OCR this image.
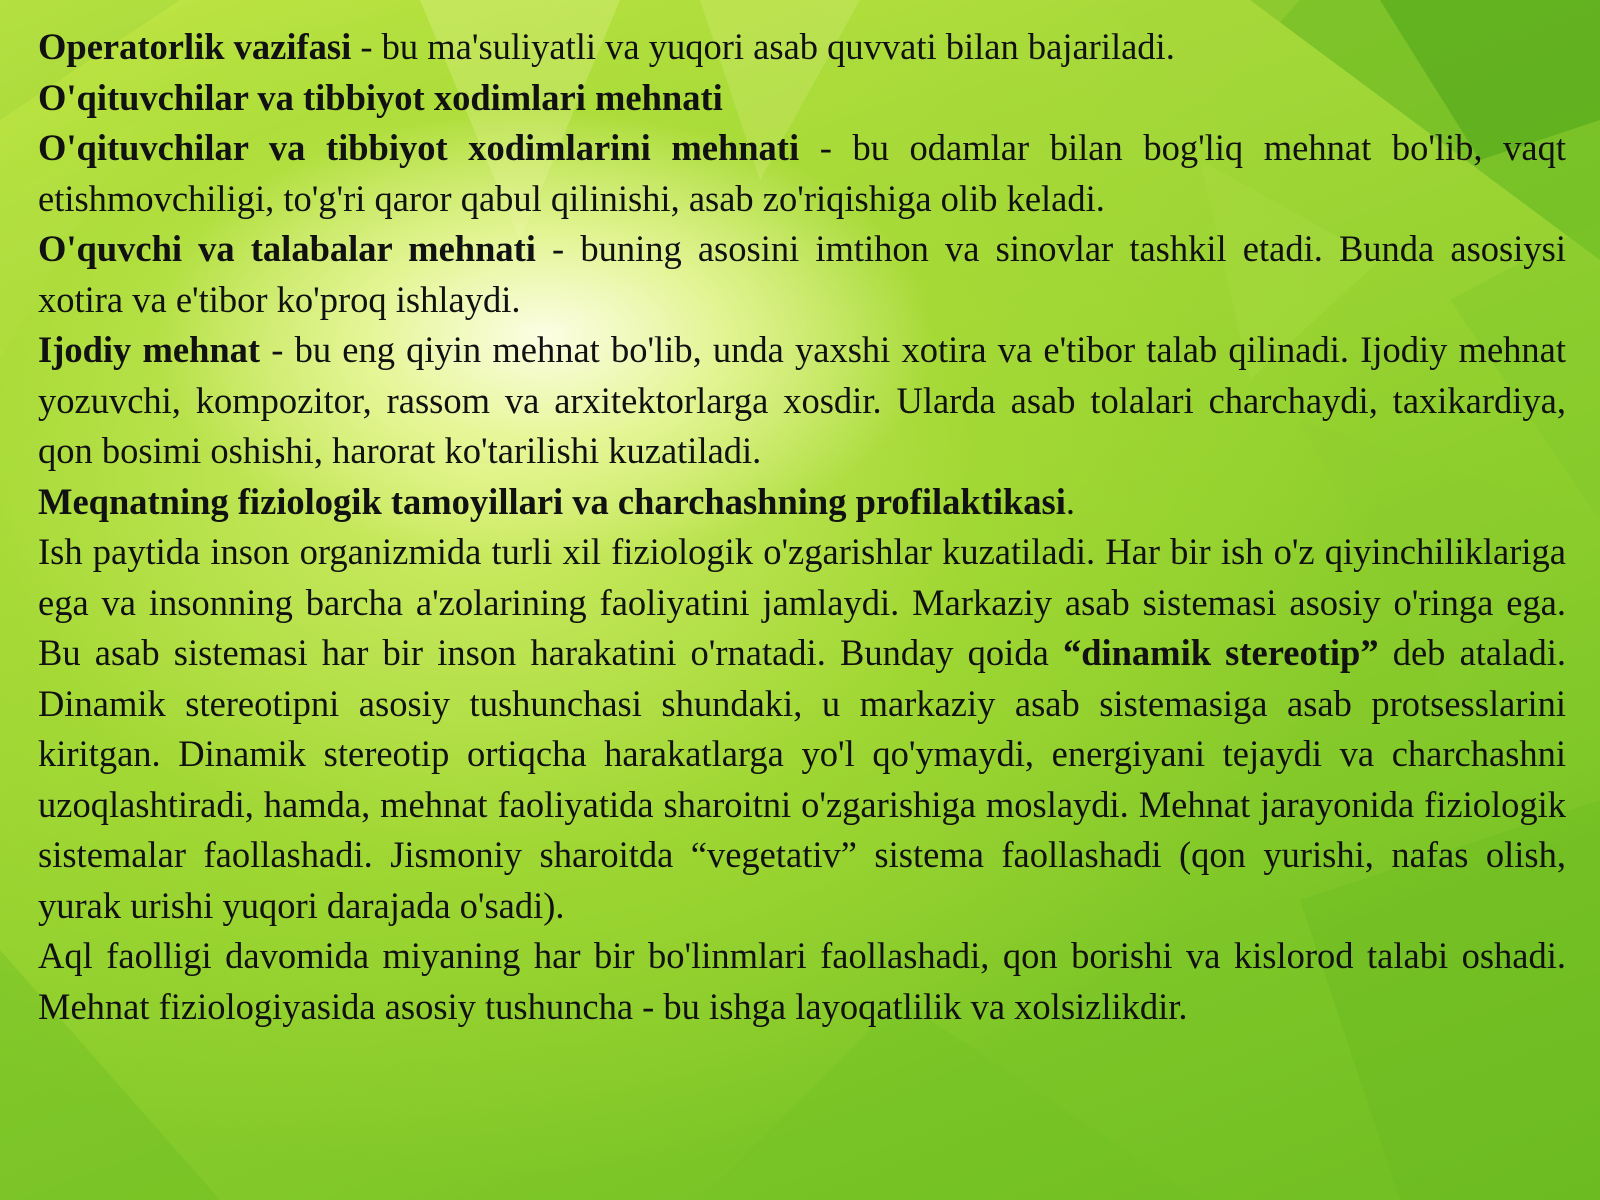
Operatorlik vazifasi - bu ma'suliyatli va yuqori asab quvvati bilan bajariladi.

O'qituvchilar va tibbiyot xodimlari mehnati

O'qituvchilar va tibbiyot xodimlarini mehnati - bu odamlar bilan bog'liq mehnat bo'lib, vaqt etishmovchiligi, to'g'ri qaror qabul qilinishi, asab zo'riqishiga olib keladi.

O'quvchi va talabalar mehnati - buning asosini imtihon va sinovlar tashkil etadi. Bunda asosiysi xotira va e'tibor ko'proq ishlaydi.

Ijodiy mehnat - bu eng qiyin mehnat bo'lib, unda yaxshi xotira va e'tibor talab qilinadi. Ijodiy mehnat yozuvchi, kompozitor, rassom va arxitektorlarga xosdir. Ularda asab tolalari charchaydi, taxikardiya, qon bosimi oshishi, harorat ko'tarilishi kuzatiladi.

Meqnatning fiziologik tamoyillari va charchashning profilaktikasi.

Ish paytida inson organizmida turli xil fiziologik o'zgarishlar kuzatiladi. Har bir ish o'z qiyinchiliklariga ega va insonning barcha a'zolarining faoliyatini jamlaydi. Markaziy asab sistemasi asosiy o'ringa ega. Bu asab sistemasi har bir inson harakatini o'rnatadi. Bunday qoida “dinamik stereotip” deb ataladi. Dinamik stereotipni asosiy tushunchasi shundaki, u markaziy asab sistemasiga asab protsesslarini kiritgan. Dinamik stereotip ortiqcha harakatlarga yo'l qo'ymaydi, energiyani tejaydi va charchashni uzoqlashtiradi, hamda, mehnat faoliyatida sharoitni o'zgarishiga moslaydi. Mehnat jarayonida fiziologik sistemalar faollashadi. Jismoniy sharoitda “vegetativ” sistema faollashadi (qon yurishi, nafas olish, yurak urishi yuqori darajada o'sadi).

Aql faolligi davomida miyaning har bir bo'linmlari faollashadi, qon borishi va kislorod talabi oshadi. Mehnat fiziologiyasida asosiy tushuncha - bu ishga layoqatlilik va xolsizlikdir.
